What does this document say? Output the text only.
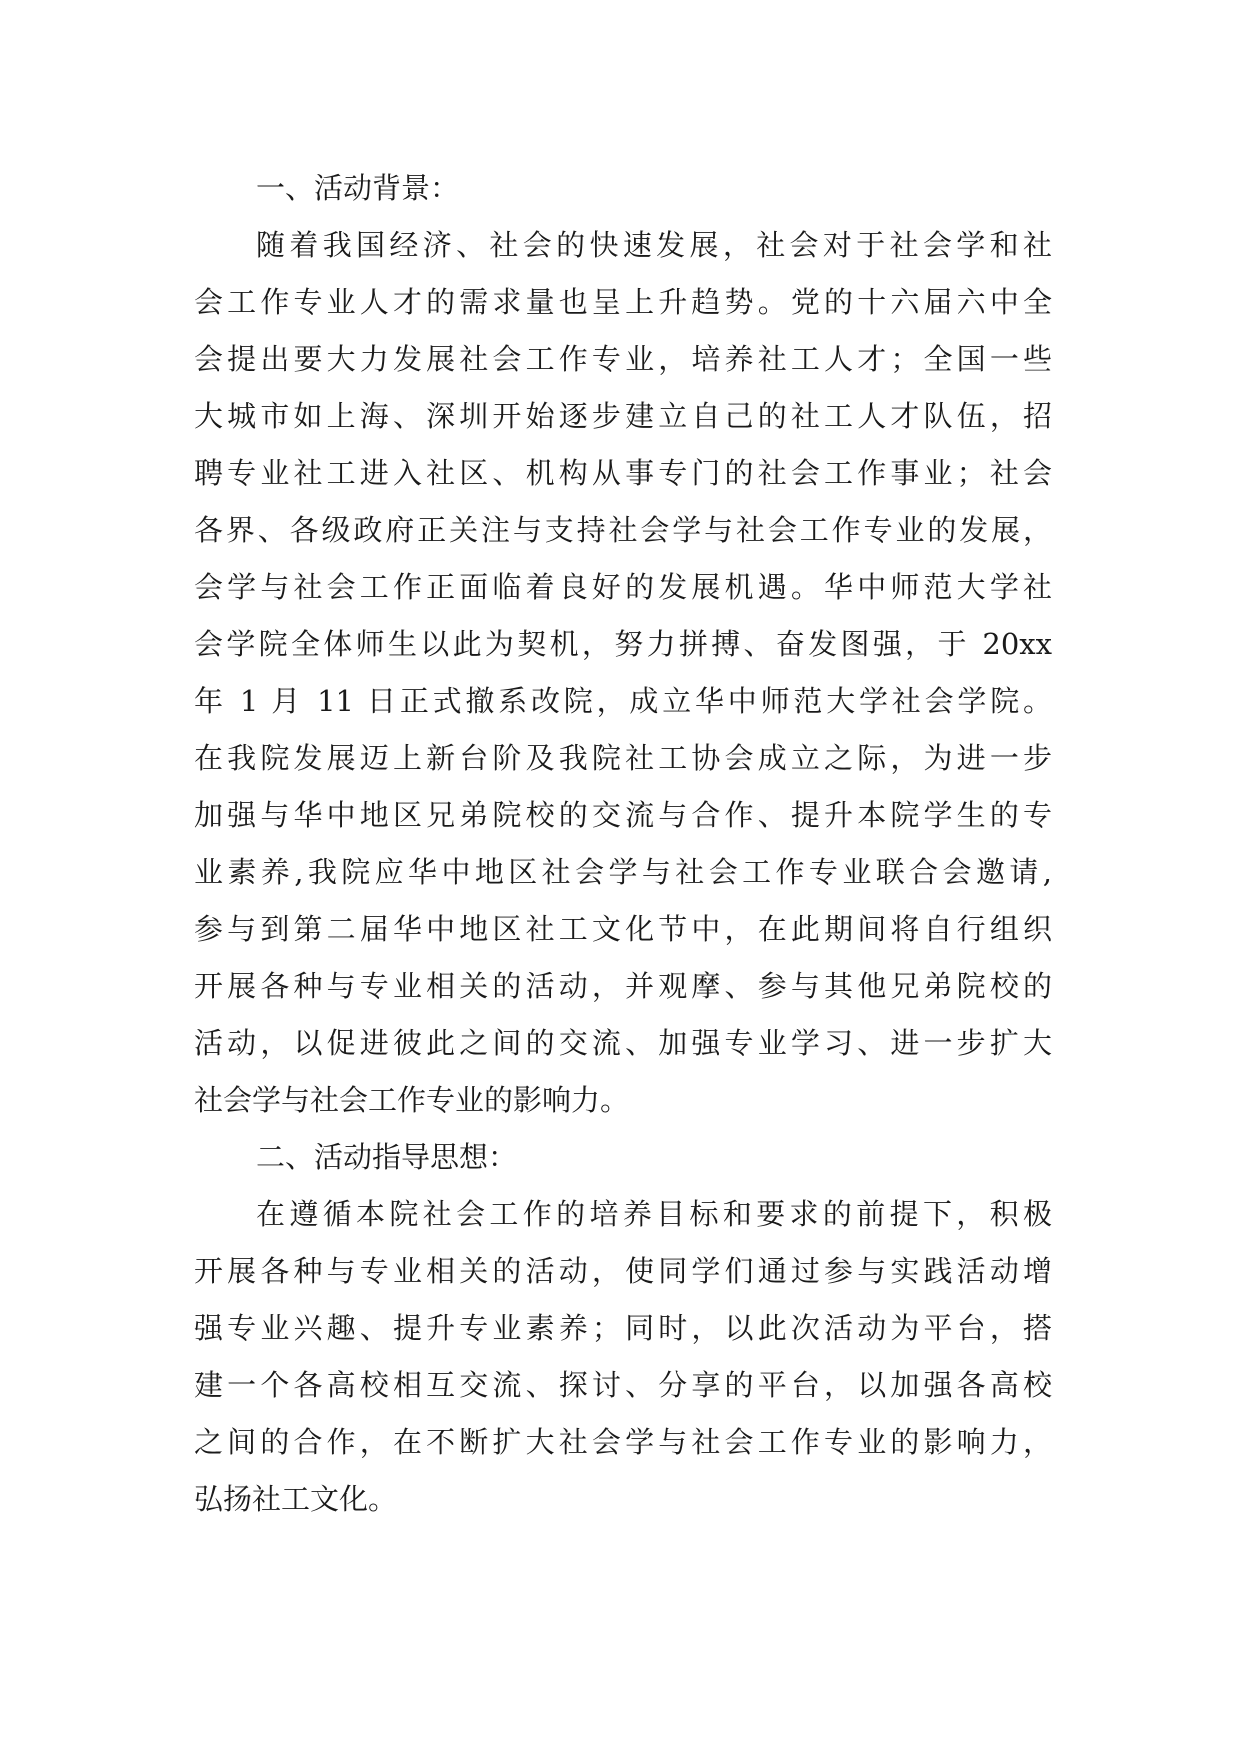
一、活动背景：
随着我国经济、社会的快速发展，社会对于社会学和社
会工作专业人才的需求量也呈上升趋势。党的十六届六中全
会提出要大力发展社会工作专业，培养社工人才；全国一些
大城市如上海、深圳开始逐步建立自己的社工人才队伍，招
聘专业社工进入社区、机构从事专门的社会工作事业；社会
各界、各级政府正关注与支持社会学与社会工作专业的发展，
会学与社会工作正面临着良好的发展机遇。华中师范大学社
会学院全体师生以此为契机，努力拼搏、奋发图强，于 20xx
年 1 月 11 日正式撤系改院，成立华中师范大学社会学院。
在我院发展迈上新台阶及我院社工协会成立之际，为进一步
加强与华中地区兄弟院校的交流与合作、提升本院学生的专
业素养,我院应华中地区社会学与社会工作专业联合会邀请,
参与到第二届华中地区社工文化节中，在此期间将自行组织
开展各种与专业相关的活动，并观摩、参与其他兄弟院校的
活动，以促进彼此之间的交流、加强专业学习、进一步扩大
社会学与社会工作专业的影响力。
二、活动指导思想：
在遵循本院社会工作的培养目标和要求的前提下，积极
开展各种与专业相关的活动，使同学们通过参与实践活动增
强专业兴趣、提升专业素养；同时，以此次活动为平台，搭
建一个各高校相互交流、探讨、分享的平台，以加强各高校
之间的合作，在不断扩大社会学与社会工作专业的影响力，
弘扬社工文化。
